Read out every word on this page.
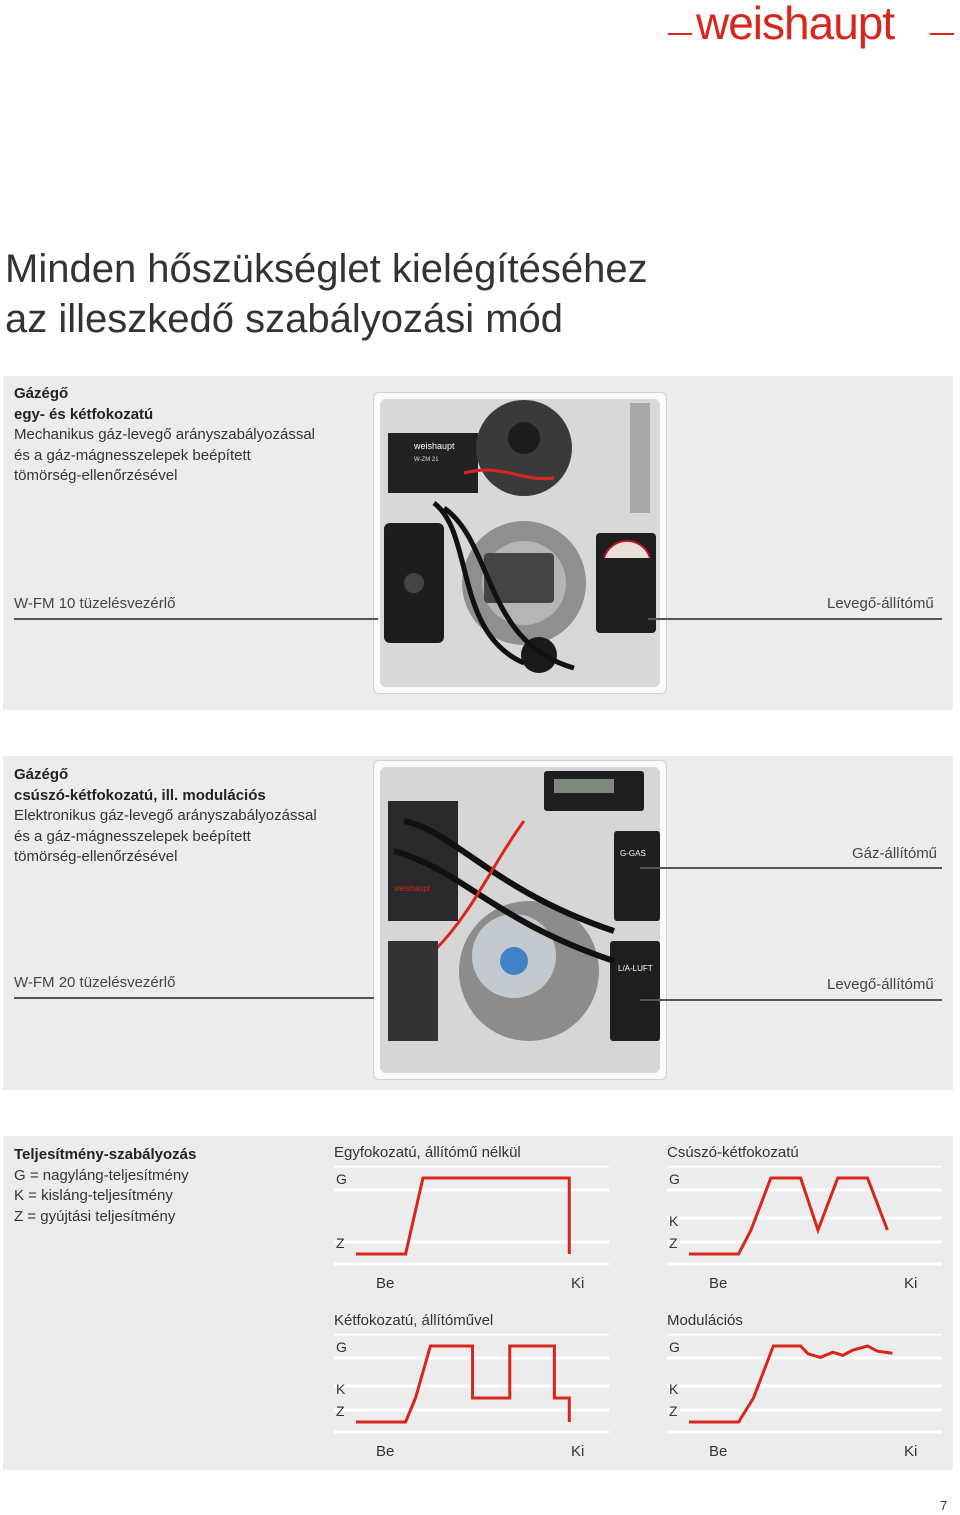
weishaupt
Minden hőszükséglet kielégítéséhez
az illeszkedő szabályozási mód
Gázégő
egy- és kétfokozatú
Mechanikus gáz-levegő arányszabályozással
és a gáz-mágnesszelepek beépített
tömörség-ellenőrzésével
weishaupt
W-ZM 21
W-FM 10 tüzelésvezérlő	Levegő-állítómű
Gázégő
csúszó-kétfokozatú, ill. modulációs
Elektronikus gáz-levegő arányszabályozással
és a gáz-mágnesszelepek beépített
tömörség-ellenőrzésével
weishaupt
G-GAS
L/A-LUFT
Gáz-állítómű
W-FM 20 tüzelésvezérlő	Levegő-állítómű
Teljesítmény-szabályozás
G = nagyláng-teljesítmény
K = kisláng-teljesítmény
Z = gyújtási teljesítmény
Egyfokozatú, állítómű nélkül
G
Z
Be	Ki
Csúszó-kétfokozatú
G
K
Z
Be	Ki
Kétfokozatú, állítóművel
G
K
Z
Be	Ki
Modulációs
G
K
Z
Be	Ki
7
